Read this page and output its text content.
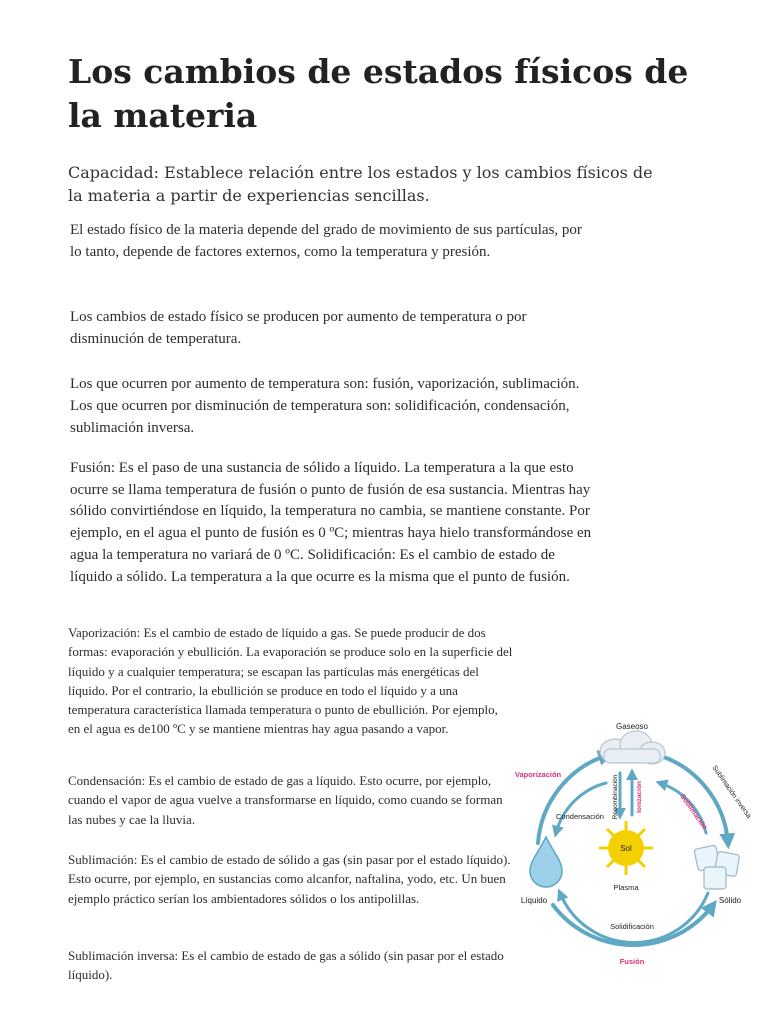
Los cambios de estados físicos de la materia

Capacidad: Establece relación entre los estados y los cambios físicos de la materia a partir de experiencias sencillas.

El estado físico de la materia depende del grado de movimiento de sus partículas, por lo tanto, depende de factores externos, como la temperatura y presión.

Los cambios de estado físico se producen por aumento de temperatura o por disminución de temperatura.

Los que ocurren por aumento de temperatura son: fusión, vaporización, sublimación. Los que ocurren por disminución de temperatura son: solidificación, condensación, sublimación inversa.

Fusión: Es el paso de una sustancia de sólido a líquido. La temperatura a la que esto ocurre se llama temperatura de fusión o punto de fusión de esa sustancia. Mientras hay sólido convirtiéndose en líquido, la temperatura no cambia, se mantiene constante. Por ejemplo, en el agua el punto de fusión es 0 ºC; mientras haya hielo transformándose en agua la temperatura no variará de 0 ºC. Solidificación: Es el cambio de estado de líquido a sólido. La temperatura a la que ocurre es la misma que el punto de fusión.

Vaporización: Es el cambio de estado de líquido a gas. Se puede producir de dos formas: evaporación y ebullición. La evaporación se produce solo en la superficie del líquido y a cualquier temperatura; se escapan las partículas más energéticas del líquido. Por el contrario, la ebullición se produce en todo el líquido y a una temperatura característica llamada temperatura o punto de ebullición. Por ejemplo, en el agua es de100 ºC y se mantiene mientras hay agua pasando a vapor.

Condensación: Es el cambio de estado de gas a líquido. Esto ocurre, por ejemplo, cuando el vapor de agua vuelve a transformarse en líquido, como cuando se forman las nubes y cae la lluvia.

Sublimación: Es el cambio de estado de sólido a gas (sin pasar por el estado líquido). Esto ocurre, por ejemplo, en sustancias como alcanfor, naftalina, yodo, etc. Un buen ejemplo práctico serían los ambientadores sólidos o los antipolillas.

Sublimación inversa: Es el cambio de estado de gas a sólido (sin pasar por el estado líquido).

Gaseoso
Vaporización	Sublimación inversa
Sublimación
Condensación Recombinación	Ionización
Sol
Plasma
Líquido	Sólido
Solidificación
Fusión
